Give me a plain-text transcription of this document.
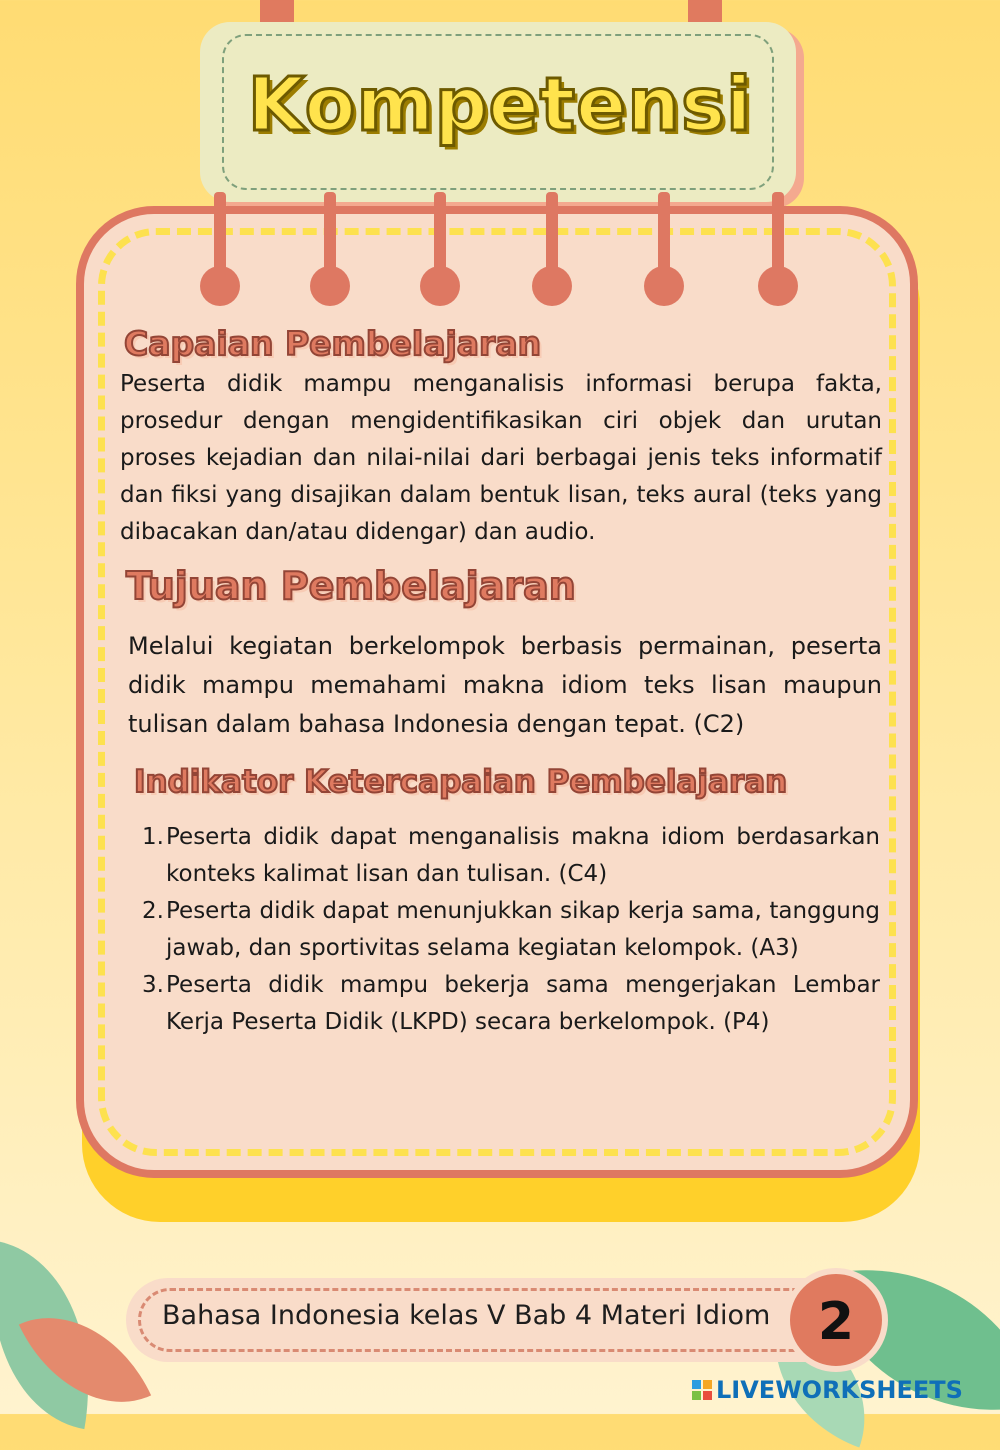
Kompetensi
Capaian Pembelajaran
Peserta didik mampu menganalisis informasi berupa fakta, prosedur dengan mengidentifikasikan ciri objek dan urutan proses kejadian dan nilai-nilai dari berbagai jenis teks informatif dan fiksi yang disajikan dalam bentuk lisan, teks aural (teks yang dibacakan dan/atau didengar) dan audio.
Tujuan Pembelajaran
Melalui kegiatan berkelompok berbasis permainan, peserta didik mampu memahami makna idiom teks lisan maupun tulisan dalam bahasa Indonesia dengan tepat. (C2)
Indikator Ketercapaian Pembelajaran
1. Peserta didik dapat menganalisis makna idiom berdasarkan konteks kalimat lisan dan tulisan. (C4)
2. Peserta didik dapat menunjukkan sikap kerja sama, tanggung jawab, dan sportivitas selama kegiatan kelompok. (A3)
3. Peserta didik mampu bekerja sama mengerjakan Lembar Kerja Peserta Didik (LKPD) secara berkelompok. (P4)
Bahasa Indonesia kelas V Bab 4 Materi Idiom 2
LIVEWORKSHEETS
